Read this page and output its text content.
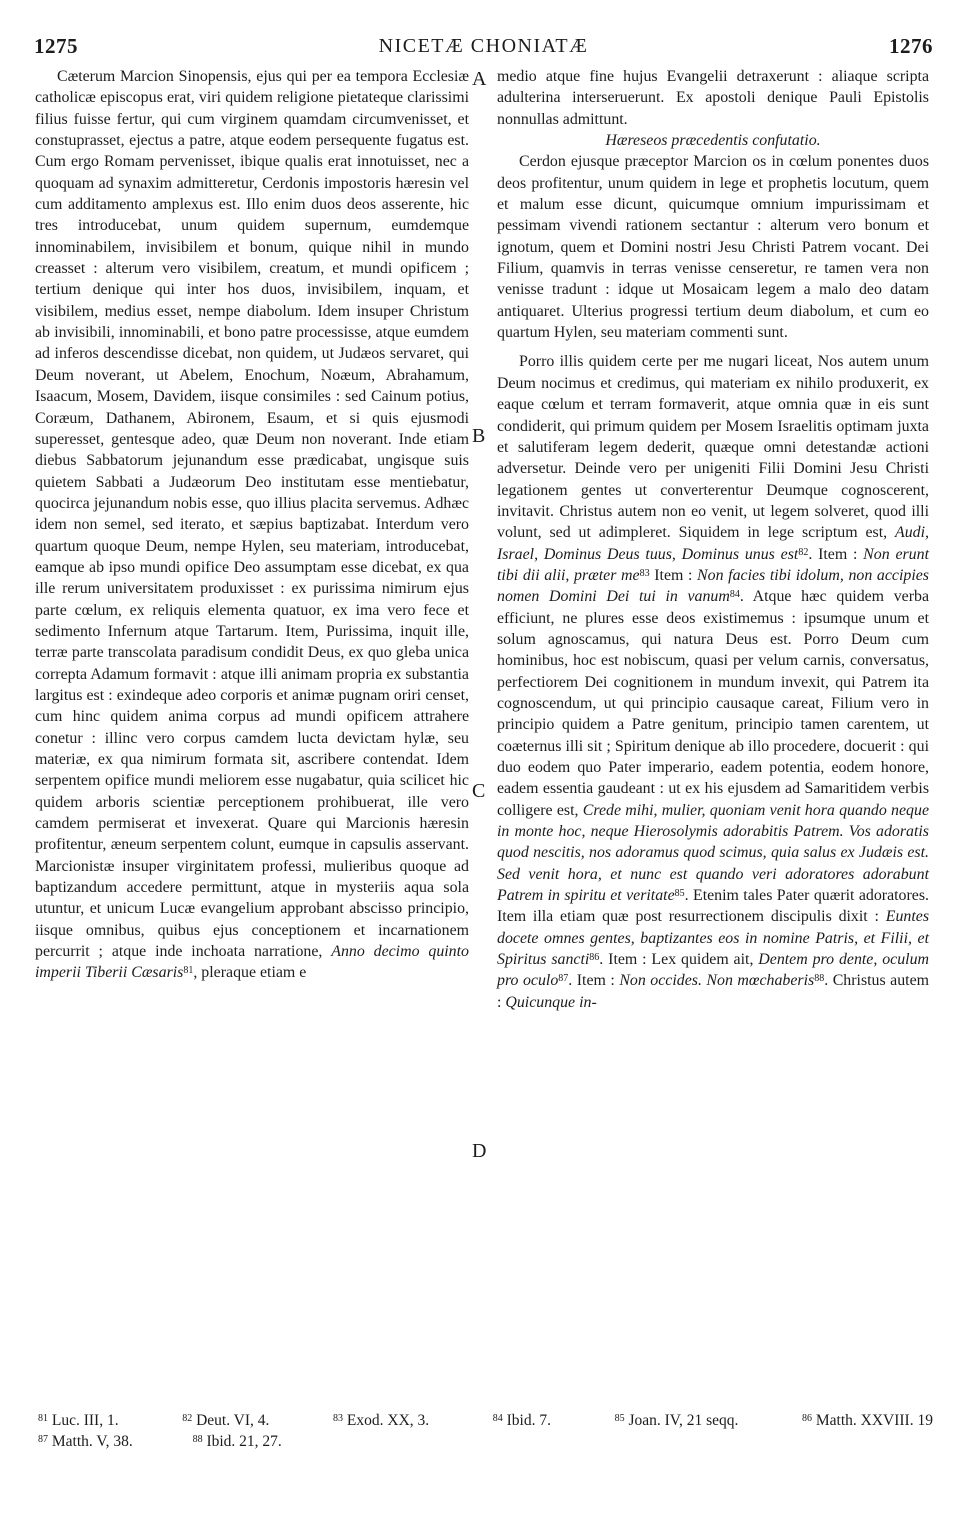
1275	NICETÆ CHONIATÆ	1276
A
B
C
D

Cæterum Marcion Sinopensis, ejus qui per ea tempora Ecclesiæ catholicæ episcopus erat, viri quidem religione pietateque clarissimi filius fuisse fertur, qui cum virginem quamdam circumvenisset, et constuprasset, ejectus a patre, atque eodem persequente fugatus est. Cum ergo Romam pervenisset, ibique qualis erat innotuisset, nec a quoquam ad synaxim admitteretur, Cerdonis impostoris hæresin vel cum additamento amplexus est. Illo enim duos deos asserente, hic tres introducebat, unum quidem supernum, eumdemque innominabilem, invisibilem et bonum, quique nihil in mundo creasset : alterum vero visibilem, creatum, et mundi opificem ; tertium denique qui inter hos duos, invisibilem, inquam, et visibilem, medius esset, nempe diabolum. Idem insuper Christum ab invisibili, innominabili, et bono patre processisse, atque eumdem ad inferos descendisse dicebat, non quidem, ut Judæos servaret, qui Deum noverant, ut Abelem, Enochum, Noæum, Abrahamum, Isaacum, Mosem, Davidem, iisque consimiles : sed Cainum potius, Coræum, Dathanem, Abironem, Esaum, et si quis ejusmodi superesset, gentesque adeo, quæ Deum non noverant. Inde etiam diebus Sabbatorum jejunandum esse prædicabat, ungisque suis quietem Sabbati a Judæorum Deo institutam esse mentiebatur, quocirca jejunandum nobis esse, quo illius placita servemus. Adhæc idem non semel, sed iterato, et sæpius baptizabat. Interdum vero quartum quoque Deum, nempe Hylen, seu materiam, introducebat, eamque ab ipso mundi opifice Deo assumptam esse dicebat, ex qua ille rerum universitatem produxisset : ex purissima nimirum ejus parte cœlum, ex reliquis elementa quatuor, ex ima vero fece et sedimento Infernum atque Tartarum. Item, Purissima, inquit ille, terræ parte transcolata paradisum condidit Deus, ex quo gleba unica correpta Adamum formavit : atque illi animam propria ex substantia largitus est : exindeque adeo corporis et animæ pugnam oriri censet, cum hinc quidem anima corpus ad mundi opificem attrahere conetur : illinc vero corpus camdem lucta devictam hylæ, seu materiæ, ex qua nimirum formata sit, ascribere contendat. Idem serpentem opifice mundi meliorem esse nugabatur, quia scilicet hic quidem arboris scientiæ perceptionem prohibuerat, ille vero camdem permiserat et invexerat. Quare qui Marcionis hæresin profitentur, æneum serpentem colunt, eumque in capsulis asservant. Marcionistæ insuper virginitatem professi, mulieribus quoque ad baptizandum accedere permittunt, atque in mysteriis aqua sola utuntur, et unicum Lucæ evangelium approbant abscisso principio, iisque omnibus, quibus ejus conceptionem et incarnationem percurrit ; atque inde inchoata narratione, Anno decimo quinto imperii Tiberii Cæsaris$^{81}$, pleraque etiam e

medio atque fine hujus Evangelii detraxerunt : aliaque scripta adulterina interseruerunt. Ex apostoli denique Pauli Epistolis nonnullas admittunt.

Hæreseos præcedentis confutatio.

Cerdon ejusque præceptor Marcion os in cœlum ponentes duos deos profitentur, unum quidem in lege et prophetis locutum, quem et malum esse dicunt, quicumque omnium impurissimam et pessimam vivendi rationem sectantur : alterum vero bonum et ignotum, quem et Domini nostri Jesu Christi Patrem vocant. Dei Filium, quamvis in terras venisse censeretur, re tamen vera non venisse tradunt : idque ut Mosaicam legem a malo deo datam antiquaret. Ulterius progressi tertium deum diabolum, et cum eo quartum Hylen, seu materiam commenti sunt.

Porro illis quidem certe per me nugari liceat, Nos autem unum Deum nocimus et credimus, qui materiam ex nihilo produxerit, ex eaque cœlum et terram formaverit, atque omnia quæ in eis sunt condiderit, qui primum quidem per Mosem Israelitis optimam juxta et salutiferam legem dederit, quæque omni detestandæ actioni adversetur. Deinde vero per unigeniti Filii Domini Jesu Christi legationem gentes ut converterentur Deumque cognoscerent, invitavit. Christus autem non eo venit, ut legem solveret, quod illi volunt, sed ut adimpleret. Siquidem in lege scriptum est, Audi, Israel, Dominus Deus tuus, Dominus unus est$^{82}$. Item : Non erunt tibi dii alii, præter $me^{83}$ Item : Non facies tibi idolum, non accipies nomen Domini Dei tui in vanum$^{84}$. Atque hæc quidem verba efficiunt, ne plures esse deos existimemus : ipsumque unum et solum agnoscamus, qui natura Deus est. Porro Deum cum hominibus, hoc est nobiscum, quasi per velum carnis, conversatus, perfectiorem Dei cognitionem in mundum invexit, qui Patrem ita cognoscendum, ut qui principio causaque careat, Filium vero in principio quidem a Patre genitum, principio tamen carentem, ut coæternus illi sit ; Spiritum denique ab illo procedere, docuerit : qui duo eodem quo Pater imperario, eadem potentia, eodem honore, eadem essentia gaudeant : ut ex his ejusdem ad Samaritidem verbis colligere est, Crede mihi, mulier, quoniam venit hora quando neque in monte hoc, neque Hierosolymis adorabitis Patrem. Vos adoratis quod nescitis, nos adoramus quod scimus, quia salus ex Judæis est. Sed venit hora, et nunc est quando veri adoratores adorabunt Patrem in spiritu et veritate$^{85}$. Etenim tales Pater quærit adoratores. Item illa etiam quæ post resurrectionem discipulis dixit : Euntes docete omnes gentes, baptizantes eos in nomine Patris, et Filii, et Spiritus sancti$^{86}$. Item : Lex quidem ait, Dentem pro dente, oculum pro oculo$^{87}$. Item : Non occides. Non mœchaberis$^{88}$. Christus autem : Quicunque in-

$^{81}$ Luc. III, 1.	$^{82}$ Deut. VI, 4.	$^{83}$ Exod. XX, 3.	$^{84}$ Ibid. 7.	$^{85}$ Joan. IV, 21 seqq.	$^{86}$ Matth. XXVIII. 19
$^{87}$ Matth. V, 38.	$^{88}$ Ibid. 21, 27.
